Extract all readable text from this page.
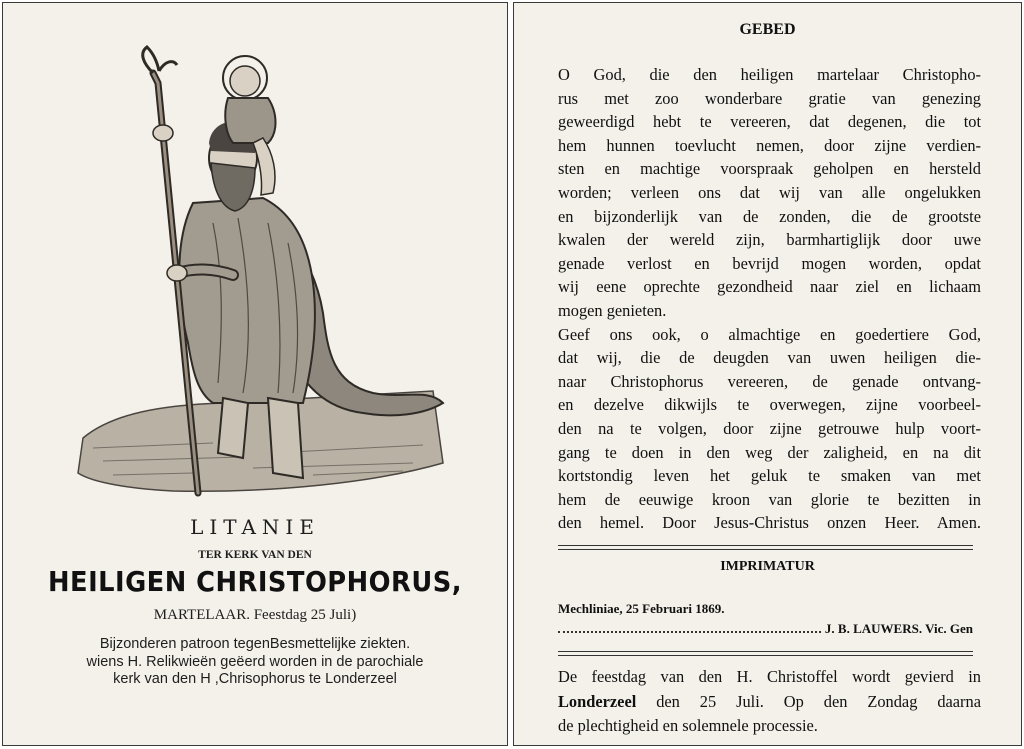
LITANIE
TER KERK VAN DEN
HEILIGEN CHRISTOPHORUS,
MARTELAAR. Feestdag 25 Juli)
Bijzonderen patroon tegenBesmettelijke ziekten.
wiens H. Relikwieën geëerd worden in de parochiale
kerk van den H ,Chrisophorus te Londerzeel
GEBED
O God, die den heiligen martelaar Christopho-
rus met zoo wonderbare gratie van genezing
geweerdigd hebt te vereeren, dat degenen, die tot
hem hunnen toevlucht nemen, door zijne verdien-
sten en machtige voorspraak geholpen en hersteld
worden; verleen ons dat wij van alle ongelukken
en bijzonderlijk van de zonden, die de grootste
kwalen der wereld zijn, barmhartiglijk door uwe
genade verlost en bevrijd mogen worden, opdat
wij eene oprechte gezondheid naar ziel en lichaam
mogen genieten.
Geef ons ook, o almachtige en goedertiere God,
dat wij, die de deugden van uwen heiligen die-
naar Christophorus vereeren, de genade ontvang-
en dezelve dikwijls te overwegen, zijne voorbeel-
den na te volgen, door zijne getrouwe hulp voort-
gang te doen in den weg der zaligheid, en na dit
kortstondig leven het geluk te smaken van met
hem de eeuwige kroon van glorie te bezitten in
den hemel. Door Jesus-Christus onzen Heer. Amen.
IMPRIMATUR
Mechliniae, 25 Februari 1869.
J. B. LAUWERS. Vic. Gen
De feestdag van den H. Christoffel wordt gevierd in
Londerzeel den 25 Juli. Op den Zondag daarna
de plechtigheid en solemnele processie.
